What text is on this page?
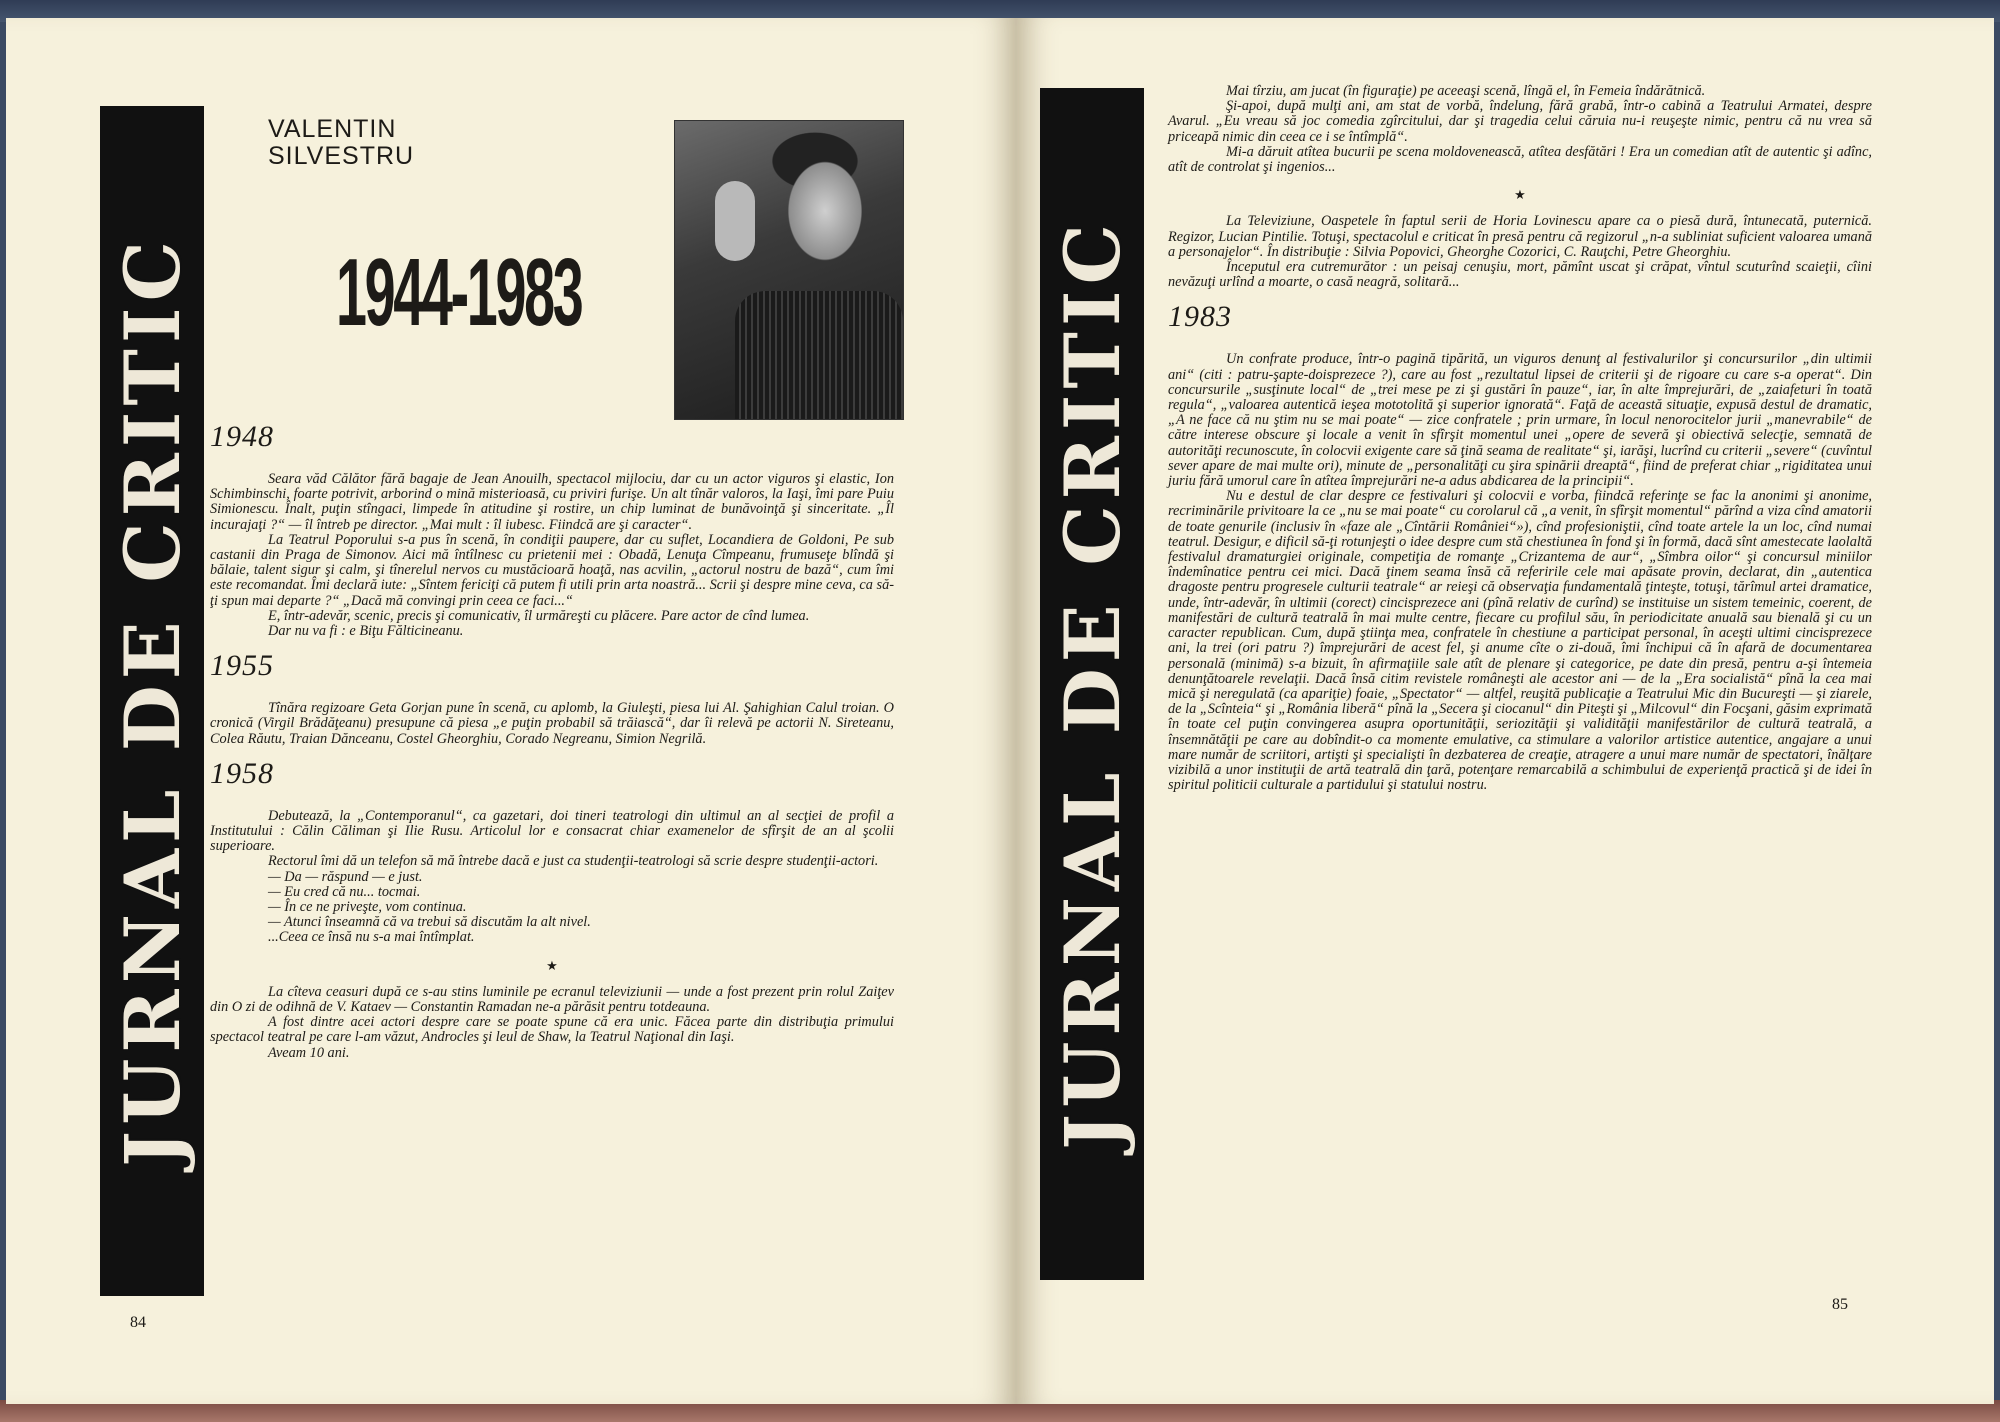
JURNAL DE CRITIC
VALENTIN
SILVESTRU
1944-1983
1948

Seara văd Călător fără bagaje de Jean Anouilh, spectacol mijlociu, dar cu un actor viguros şi elastic, Ion Schimbinschi, foarte potrivit, arborind o mină misterioasă, cu priviri furişe. Un alt tînăr valoros, la Iaşi, îmi pare Puiu Simionescu. Înalt, puţin stîngaci, limpede în atitudine şi rostire, un chip luminat de bunăvoinţă şi sinceritate. „Îl incurajaţi ?“ — îl întreb pe director. „Mai mult : îl iubesc. Fiindcă are şi caracter“.

La Teatrul Poporului s-a pus în scenă, în condiţii paupere, dar cu suflet, Locandiera de Goldoni, Pe sub castanii din Praga de Simonov. Aici mă întîlnesc cu prietenii mei : Obadă, Lenuţa Cîmpeanu, frumuseţe blîndă şi bălaie, talent sigur şi calm, şi tînerelul nervos cu mustăcioară hoaţă, nas acvilin, „actorul nostru de bază“, cum îmi este recomandat. Îmi declară iute: „Sîntem fericiţi că putem fi utili prin arta noastră... Scrii şi despre mine ceva, ca să-ţi spun mai departe ?“ „Dacă mă convingi prin ceea ce faci...“

E, într-adevăr, scenic, precis şi comunicativ, îl urmăreşti cu plăcere. Pare actor de cînd lumea.

Dar nu va fi : e Biţu Fălticineanu.

1955

Tînăra regizoare Geta Gorjan pune în scenă, cu aplomb, la Giuleşti, piesa lui Al. Şahighian Calul troian. O cronică (Virgil Brădăţeanu) presupune că piesa „e puţin probabil să trăiască“, dar îi relevă pe actorii N. Sireteanu, Colea Răutu, Traian Dănceanu, Costel Gheorghiu, Corado Negreanu, Simion Negrilă.

1958

Debutează, la „Contemporanul“, ca gazetari, doi tineri teatrologi din ultimul an al secţiei de profil a Institutului : Călin Căliman şi Ilie Rusu. Articolul lor e consacrat chiar examenelor de sfîrşit de an al şcolii superioare.

Rectorul îmi dă un telefon să mă întrebe dacă e just ca studenţii-teatrologi să scrie despre studenţii-actori.

— Da — răspund — e just.

— Eu cred că nu... tocmai.

— În ce ne priveşte, vom continua.

— Atunci înseamnă că va trebui să discutăm la alt nivel.

...Ceea ce însă nu s-a mai întîmplat.

★

La cîteva ceasuri după ce s-au stins luminile pe ecranul televiziunii — unde a fost prezent prin rolul Zaiţev din O zi de odihnă de V. Kataev — Constantin Ramadan ne-a părăsit pentru totdeauna.

A fost dintre acei actori despre care se poate spune că era unic. Făcea parte din distribuţia primului spectacol teatral pe care l-am văzut, Androcles şi leul de Shaw, la Teatrul Naţional din Iaşi.

Aveam 10 ani.

84
JURNAL DE CRITIC

Mai tîrziu, am jucat (în figuraţie) pe aceeaşi scenă, lîngă el, în Femeia îndărătnică.

Şi-apoi, după mulţi ani, am stat de vorbă, îndelung, fără grabă, într-o cabină a Teatrului Armatei, despre Avarul. „Eu vreau să joc comedia zgîrcitului, dar şi tragedia celui căruia nu-i reuşeşte nimic, pentru că nu vrea să priceapă nimic din ceea ce i se întîmplă“.

Mi-a dăruit atîtea bucurii pe scena moldovenească, atîtea desfătări ! Era un comedian atît de autentic şi adînc, atît de controlat şi ingenios...

★

La Televiziune, Oaspetele în faptul serii de Horia Lovinescu apare ca o piesă dură, întunecată, puternică. Regizor, Lucian Pintilie. Totuşi, spectacolul e criticat în presă pentru că regizorul „n-a subliniat suficient valoarea umană a personajelor“. În distribuţie : Silvia Popovici, Gheorghe Cozorici, C. Rauţchi, Petre Gheorghiu.

Începutul era cutremurător : un peisaj cenuşiu, mort, pămînt uscat şi crăpat, vîntul scuturînd scaieţii, cîini nevăzuţi urlînd a moarte, o casă neagră, solitară...

1983

Un confrate produce, într-o pagină tipărită, un viguros denunţ al festivalurilor şi concursurilor „din ultimii ani“ (citi : patru-şapte-doisprezece ?), care au fost „rezultatul lipsei de criterii şi de rigoare cu care s-a operat“. Din concursurile „susţinute local“ de „trei mese pe zi şi gustări în pauze“, iar, în alte împrejurări, de „zaiafeturi în toată regula“, „valoarea autentică ieşea mototolită şi superior ignorată“. Faţă de această situaţie, expusă destul de dramatic, „A ne face că nu ştim nu se mai poate“ — zice confratele ; prin urmare, în locul nenorocitelor jurii „manevrabile“ de către interese obscure şi locale a venit în sfîrşit momentul unei „opere de severă şi obiectivă selecţie, semnată de autorităţi recunoscute, în colocvii exigente care să ţină seama de realitate“ şi, iarăşi, lucrînd cu criterii „severe“ (cuvîntul sever apare de mai multe ori), minute de „personalităţi cu şira spinării dreaptă“, fiind de preferat chiar „rigiditatea unui juriu fără umorul care în atîtea împrejurări ne-a adus abdicarea de la principii“.

Nu e destul de clar despre ce festivaluri şi colocvii e vorba, fiindcă referinţe se fac la anonimi şi anonime, recriminările privitoare la ce „nu se mai poate“ cu corolarul că „a venit, în sfîrşit momentul“ părînd a viza cînd amatorii de toate genurile (inclusiv în «faze ale „Cîntării României“»), cînd profesioniştii, cînd toate artele la un loc, cînd numai teatrul. Desigur, e dificil să-ţi rotunjeşti o idee despre cum stă chestiunea în fond şi în formă, dacă sînt amestecate laolaltă festivalul dramaturgiei originale, competiţia de romanţe „Crizantema de aur“, „Sîmbra oilor“ şi concursul miniilor îndemînatice pentru cei mici. Dacă ţinem seama însă că referirile cele mai apăsate provin, declarat, din „autentica dragoste pentru progresele culturii teatrale“ ar reieşi că observaţia fundamentală ţinteşte, totuşi, tărîmul artei dramatice, unde, într-adevăr, în ultimii (corect) cincisprezece ani (pînă relativ de curînd) se instituise un sistem temeinic, coerent, de manifestări de cultură teatrală în mai multe centre, fiecare cu profilul său, în periodicitate anuală sau bienală şi cu un caracter republican. Cum, după ştiinţa mea, confratele în chestiune a participat personal, în aceşti ultimi cincisprezece ani, la trei (ori patru ?) împrejurări de acest fel, şi anume cîte o zi-două, îmi închipui că în afară de documentarea personală (minimă) s-a bizuit, în afirmaţiile sale atît de plenare şi categorice, pe date din presă, pentru a-şi întemeia denunţătoarele revelaţii. Dacă însă citim revistele româneşti ale acestor ani — de la „Era socialistă“ pînă la cea mai mică şi neregulată (ca apariţie) foaie, „Spectator“ — altfel, reuşită publicaţie a Teatrului Mic din Bucureşti — şi ziarele, de la „Scînteia“ şi „România liberă“ pînă la „Secera şi ciocanul“ din Piteşti şi „Milcovul“ din Focşani, găsim exprimată în toate cel puţin convingerea asupra oportunităţii, seriozităţii şi validităţii manifestărilor de cultură teatrală, a însemnătăţii pe care au dobîndit-o ca momente emulative, ca stimulare a valorilor artistice autentice, angajare a unui mare număr de scriitori, artişti şi specialişti în dezbaterea de creaţie, atragere a unui mare număr de spectatori, înălţare vizibilă a unor instituţii de artă teatrală din ţară, potenţare remarcabilă a schimbului de experienţă practică şi de idei în spiritul politicii culturale a partidului şi statului nostru.

85
